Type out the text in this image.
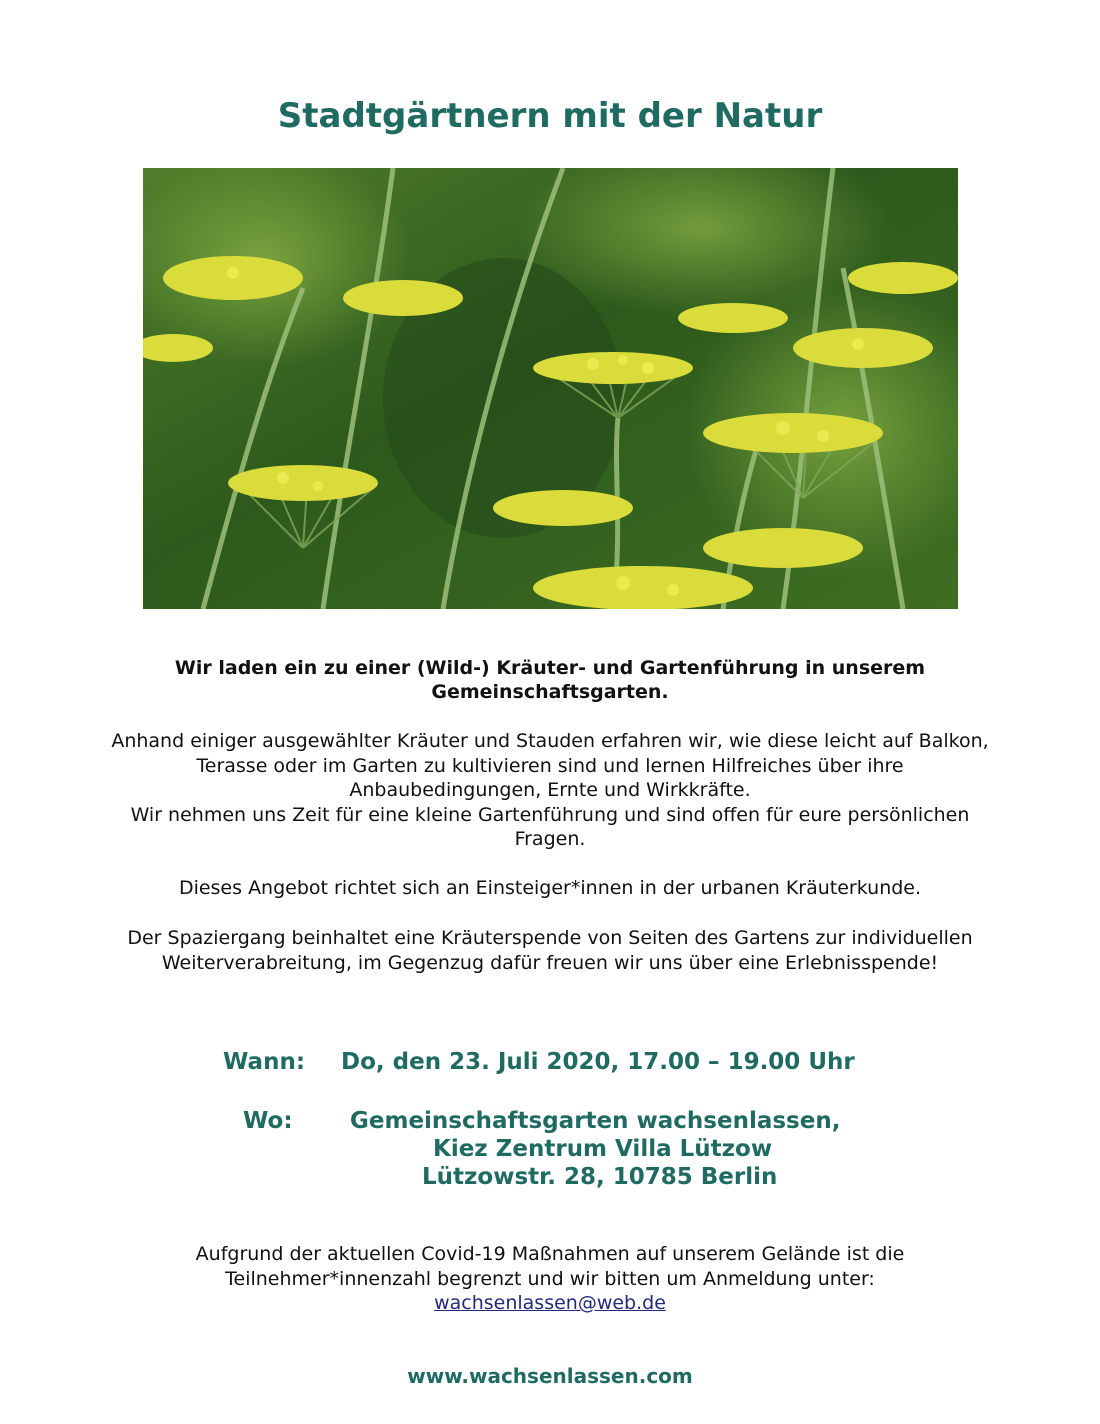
Stadtgärtnern mit der Natur

Wir laden ein zu einer (Wild-) Kräuter- und Gartenführung in unserem Gemeinschaftsgarten.

Anhand einiger ausgewählter Kräuter und Stauden erfahren wir, wie diese leicht auf Balkon, Terasse oder im Garten zu kultivieren sind und lernen Hilfreiches über ihre Anbaubedingungen, Ernte und Wirkkräfte.
Wir nehmen uns Zeit für eine kleine Gartenführung und sind offen für eure persönlichen Fragen.

Dieses Angebot richtet sich an Einsteiger*innen in der urbanen Kräuterkunde.

Der Spaziergang beinhaltet eine Kräuterspende von Seiten des Gartens zur individuellen Weiterverabreitung, im Gegenzug dafür freuen wir uns über eine Erlebnisspende!

Wann: Do, den 23. Juli 2020, 17.00 – 19.00 Uhr

Wo: Gemeinschaftsgarten wachsenlassen,

Kiez Zentrum Villa Lützow

Lützowstr. 28, 10785 Berlin

Aufgrund der aktuellen Covid-19 Maßnahmen auf unserem Gelände ist die Teilnehmer*innenzahl begrenzt und wir bitten um Anmeldung unter:
wachsenlassen@web.de

www.wachsenlassen.com
